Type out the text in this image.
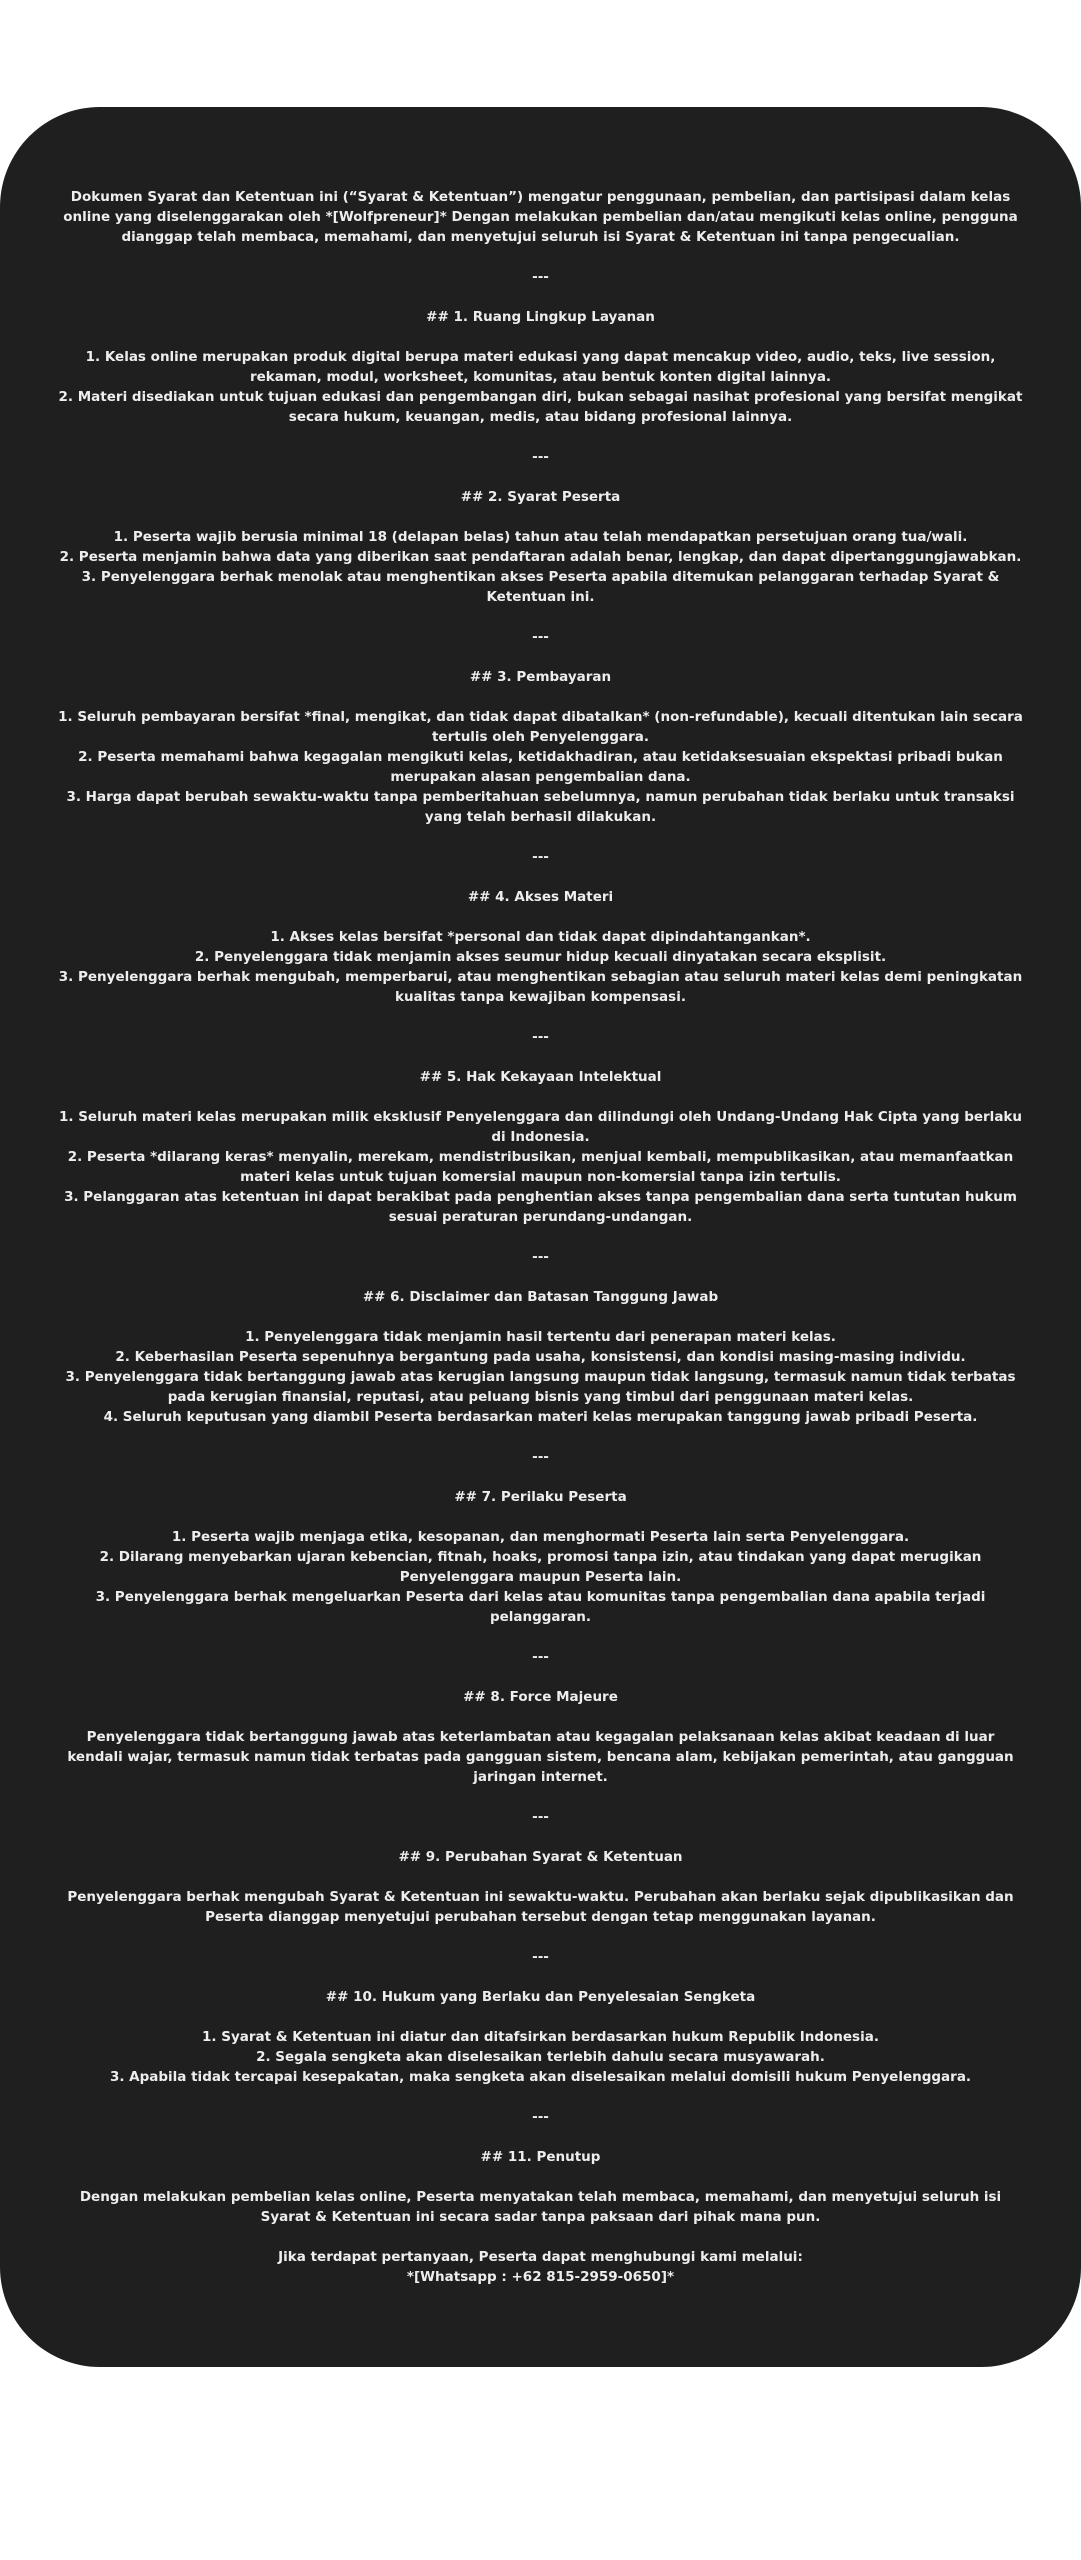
Dokumen Syarat dan Ketentuan ini (“Syarat & Ketentuan”) mengatur penggunaan, pembelian, dan partisipasi dalam kelas online yang diselenggarakan oleh *[Wolfpreneur]* Dengan melakukan pembelian dan/atau mengikuti kelas online, pengguna dianggap telah membaca, memahami, dan menyetujui seluruh isi Syarat & Ketentuan ini tanpa pengecualian.

---

## 1. Ruang Lingkup Layanan

1. Kelas online merupakan produk digital berupa materi edukasi yang dapat mencakup video, audio, teks, live session, rekaman, modul, worksheet, komunitas, atau bentuk konten digital lainnya.

2. Materi disediakan untuk tujuan edukasi dan pengembangan diri, bukan sebagai nasihat profesional yang bersifat mengikat secara hukum, keuangan, medis, atau bidang profesional lainnya.

---

## 2. Syarat Peserta

1. Peserta wajib berusia minimal 18 (delapan belas) tahun atau telah mendapatkan persetujuan orang tua/wali.

2. Peserta menjamin bahwa data yang diberikan saat pendaftaran adalah benar, lengkap, dan dapat dipertanggungjawabkan.

3. Penyelenggara berhak menolak atau menghentikan akses Peserta apabila ditemukan pelanggaran terhadap Syarat & Ketentuan ini.

---

## 3. Pembayaran

1. Seluruh pembayaran bersifat *final, mengikat, dan tidak dapat dibatalkan* (non-refundable), kecuali ditentukan lain secara tertulis oleh Penyelenggara.

2. Peserta memahami bahwa kegagalan mengikuti kelas, ketidakhadiran, atau ketidaksesuaian ekspektasi pribadi bukan merupakan alasan pengembalian dana.

3. Harga dapat berubah sewaktu-waktu tanpa pemberitahuan sebelumnya, namun perubahan tidak berlaku untuk transaksi yang telah berhasil dilakukan.

---

## 4. Akses Materi

1. Akses kelas bersifat *personal dan tidak dapat dipindahtangankan*.

2. Penyelenggara tidak menjamin akses seumur hidup kecuali dinyatakan secara eksplisit.

3. Penyelenggara berhak mengubah, memperbarui, atau menghentikan sebagian atau seluruh materi kelas demi peningkatan kualitas tanpa kewajiban kompensasi.

---

## 5. Hak Kekayaan Intelektual

1. Seluruh materi kelas merupakan milik eksklusif Penyelenggara dan dilindungi oleh Undang-Undang Hak Cipta yang berlaku di Indonesia.

2. Peserta *dilarang keras* menyalin, merekam, mendistribusikan, menjual kembali, mempublikasikan, atau memanfaatkan materi kelas untuk tujuan komersial maupun non-komersial tanpa izin tertulis.

3. Pelanggaran atas ketentuan ini dapat berakibat pada penghentian akses tanpa pengembalian dana serta tuntutan hukum sesuai peraturan perundang-undangan.

---

## 6. Disclaimer dan Batasan Tanggung Jawab

1. Penyelenggara tidak menjamin hasil tertentu dari penerapan materi kelas.

2. Keberhasilan Peserta sepenuhnya bergantung pada usaha, konsistensi, dan kondisi masing-masing individu.

3. Penyelenggara tidak bertanggung jawab atas kerugian langsung maupun tidak langsung, termasuk namun tidak terbatas pada kerugian finansial, reputasi, atau peluang bisnis yang timbul dari penggunaan materi kelas.

4. Seluruh keputusan yang diambil Peserta berdasarkan materi kelas merupakan tanggung jawab pribadi Peserta.

---

## 7. Perilaku Peserta

1. Peserta wajib menjaga etika, kesopanan, dan menghormati Peserta lain serta Penyelenggara.

2. Dilarang menyebarkan ujaran kebencian, fitnah, hoaks, promosi tanpa izin, atau tindakan yang dapat merugikan Penyelenggara maupun Peserta lain.

3. Penyelenggara berhak mengeluarkan Peserta dari kelas atau komunitas tanpa pengembalian dana apabila terjadi pelanggaran.

---

## 8. Force Majeure

Penyelenggara tidak bertanggung jawab atas keterlambatan atau kegagalan pelaksanaan kelas akibat keadaan di luar kendali wajar, termasuk namun tidak terbatas pada gangguan sistem, bencana alam, kebijakan pemerintah, atau gangguan jaringan internet.

---

## 9. Perubahan Syarat & Ketentuan

Penyelenggara berhak mengubah Syarat & Ketentuan ini sewaktu-waktu. Perubahan akan berlaku sejak dipublikasikan dan Peserta dianggap menyetujui perubahan tersebut dengan tetap menggunakan layanan.

---

## 10. Hukum yang Berlaku dan Penyelesaian Sengketa

1. Syarat & Ketentuan ini diatur dan ditafsirkan berdasarkan hukum Republik Indonesia.

2. Segala sengketa akan diselesaikan terlebih dahulu secara musyawarah.

3. Apabila tidak tercapai kesepakatan, maka sengketa akan diselesaikan melalui domisili hukum Penyelenggara.

---

## 11. Penutup

Dengan melakukan pembelian kelas online, Peserta menyatakan telah membaca, memahami, dan menyetujui seluruh isi Syarat & Ketentuan ini secara sadar tanpa paksaan dari pihak mana pun.

Jika terdapat pertanyaan, Peserta dapat menghubungi kami melalui:

*[Whatsapp : +62 815-2959-0650]*
